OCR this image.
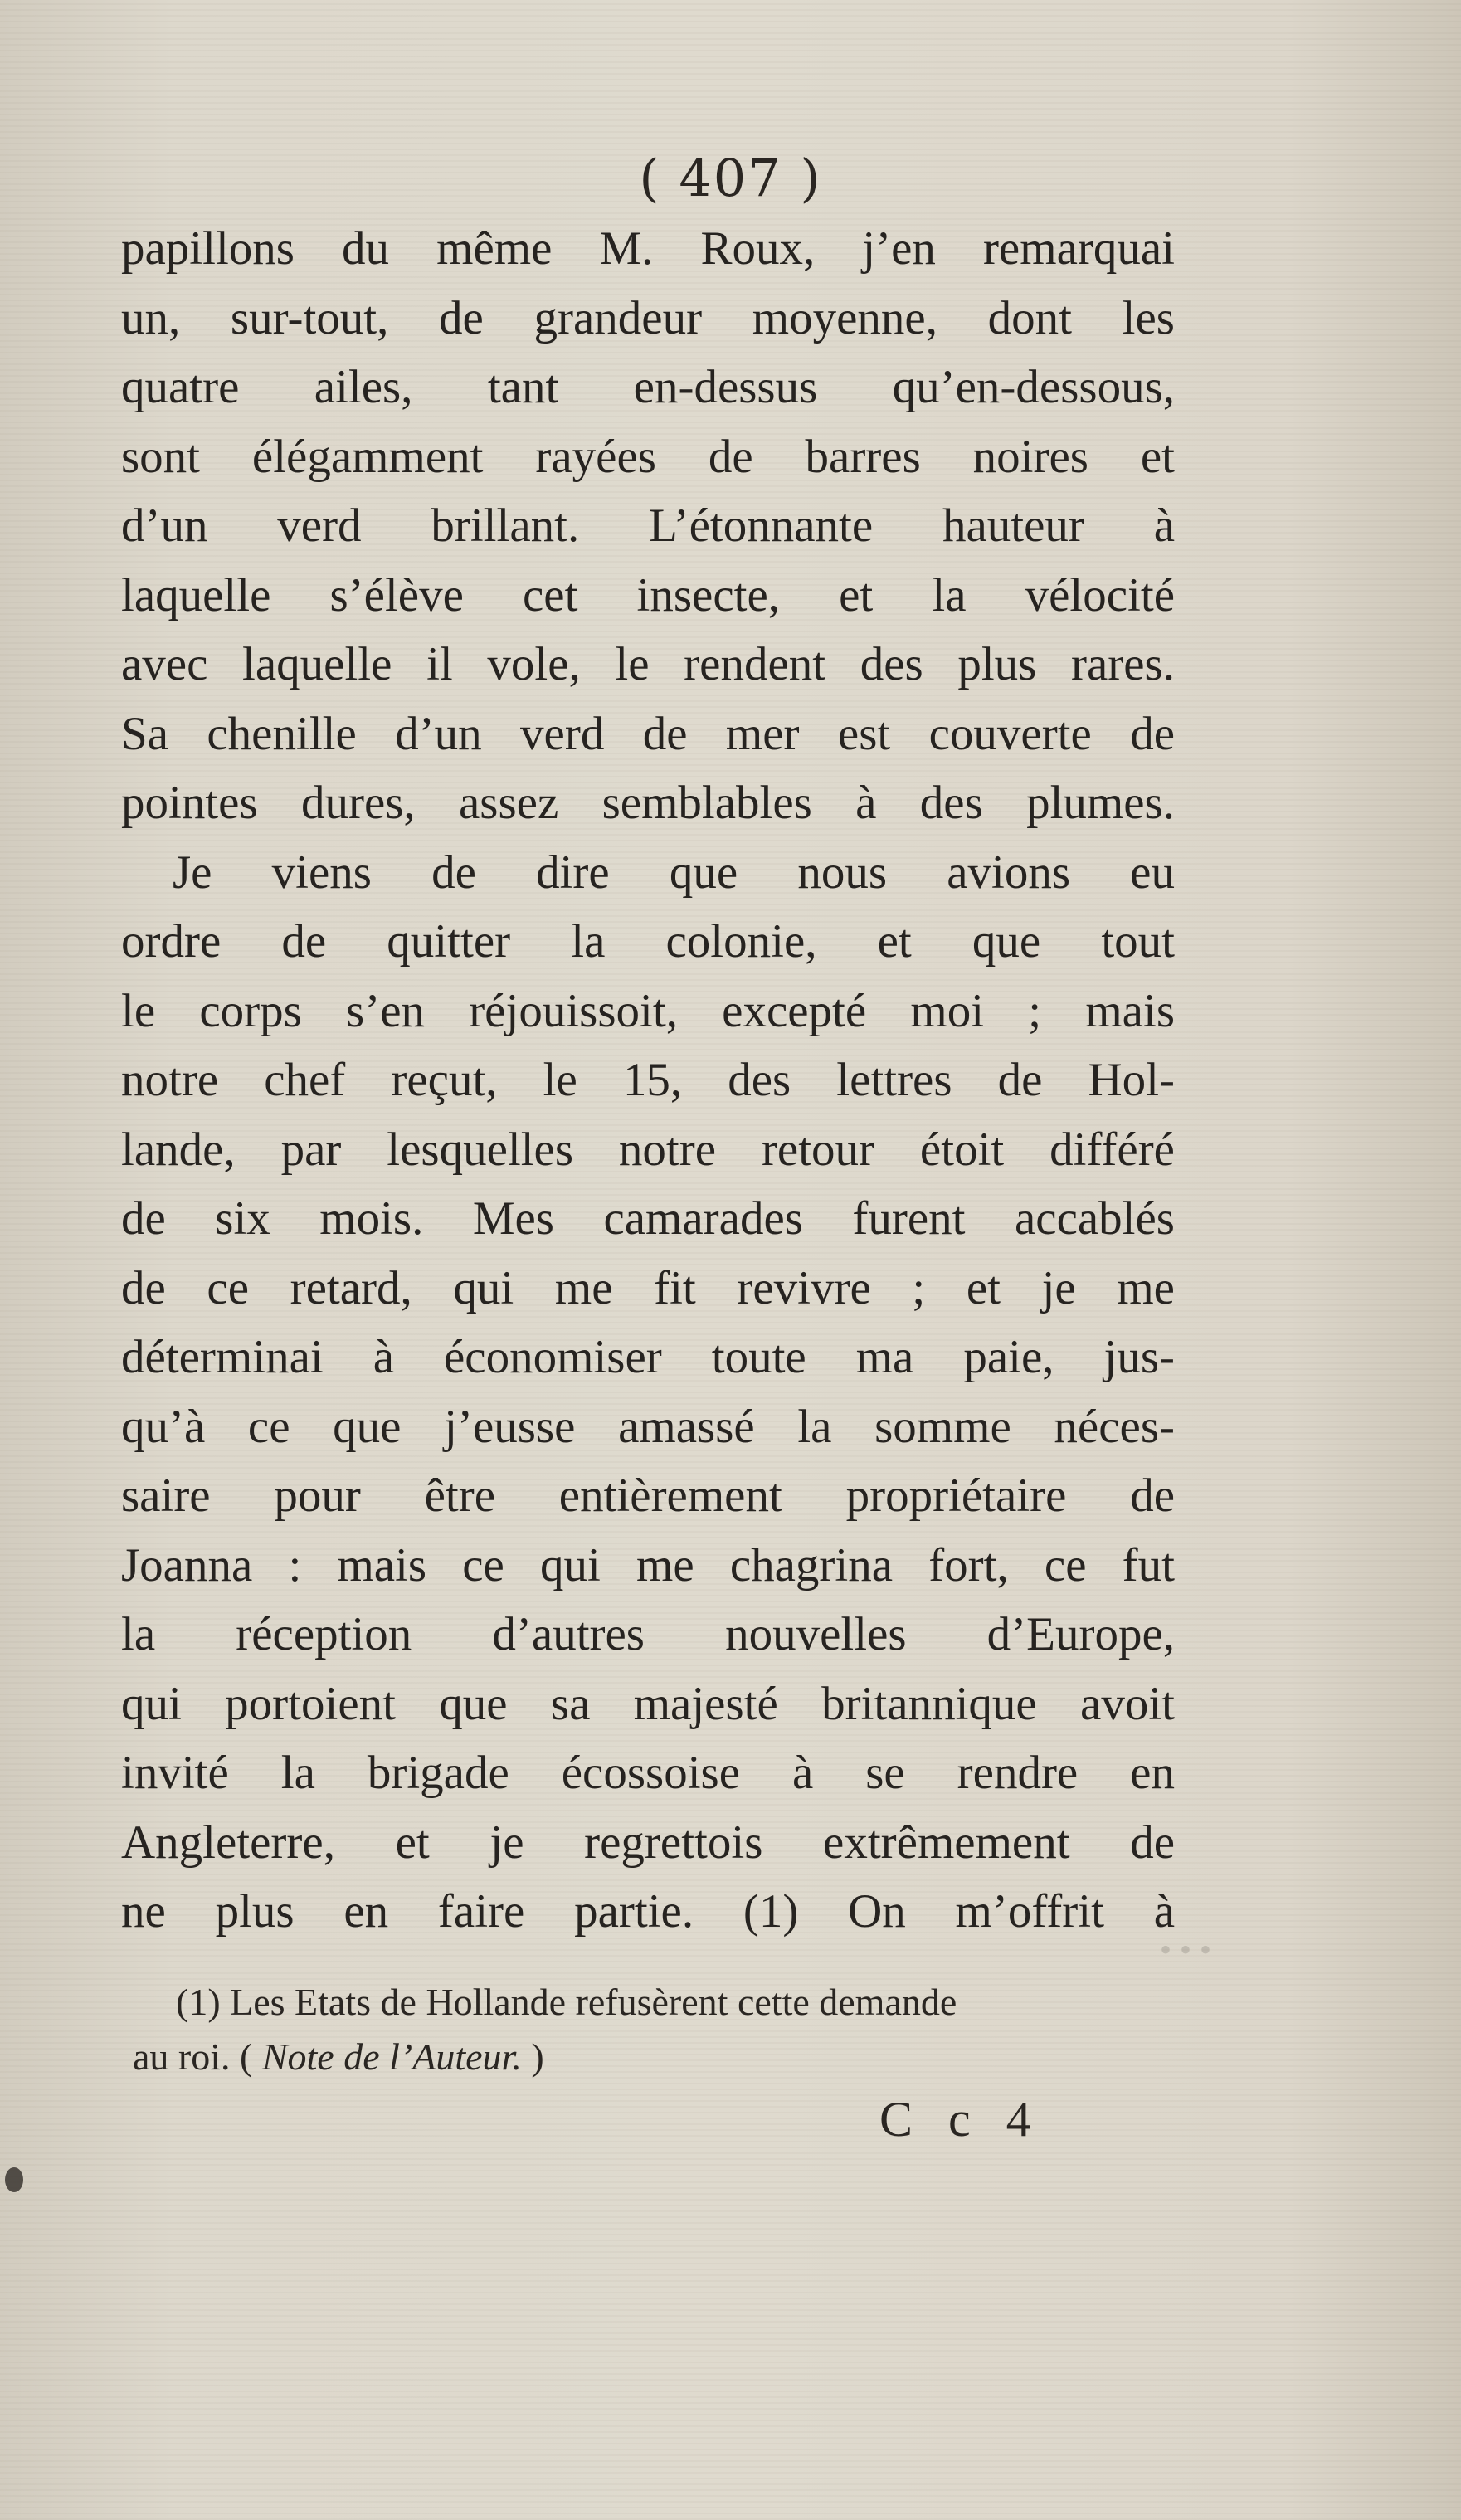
• • •
( 407 )
papillons du même M. Roux, j’en remarquai
un, sur-tout, de grandeur moyenne, dont les
quatre ailes, tant en-dessus qu’en-dessous,
sont élégamment rayées de barres noires et
d’un verd brillant. L’étonnante hauteur à
laquelle s’élève cet insecte, et la vélocité
avec laquelle il vole, le rendent des plus rares.
Sa chenille d’un verd de mer est couverte de
pointes dures, assez semblables à des plumes.
Je viens de dire que nous avions eu
ordre de quitter la colonie, et que tout
le corps s’en réjouissoit, excepté moi ; mais
notre chef reçut, le 15, des lettres de Hol-
lande, par lesquelles notre retour étoit différé
de six mois. Mes camarades furent accablés
de ce retard, qui me fit revivre ; et je me
déterminai à économiser toute ma paie, jus-
qu’à ce que j’eusse amassé la somme néces-
saire pour être entièrement propriétaire de
Joanna : mais ce qui me chagrina fort, ce fut
la réception d’autres nouvelles d’Europe,
qui portoient que sa majesté britannique avoit
invité la brigade écossoise à se rendre en
Angleterre, et je regrettois extrêmement de
ne plus en faire partie. (1) On m’offrit à
(1) Les Etats de Hollande refusèrent cette demande
au roi. ( Note de l’Auteur. )
C c 4
